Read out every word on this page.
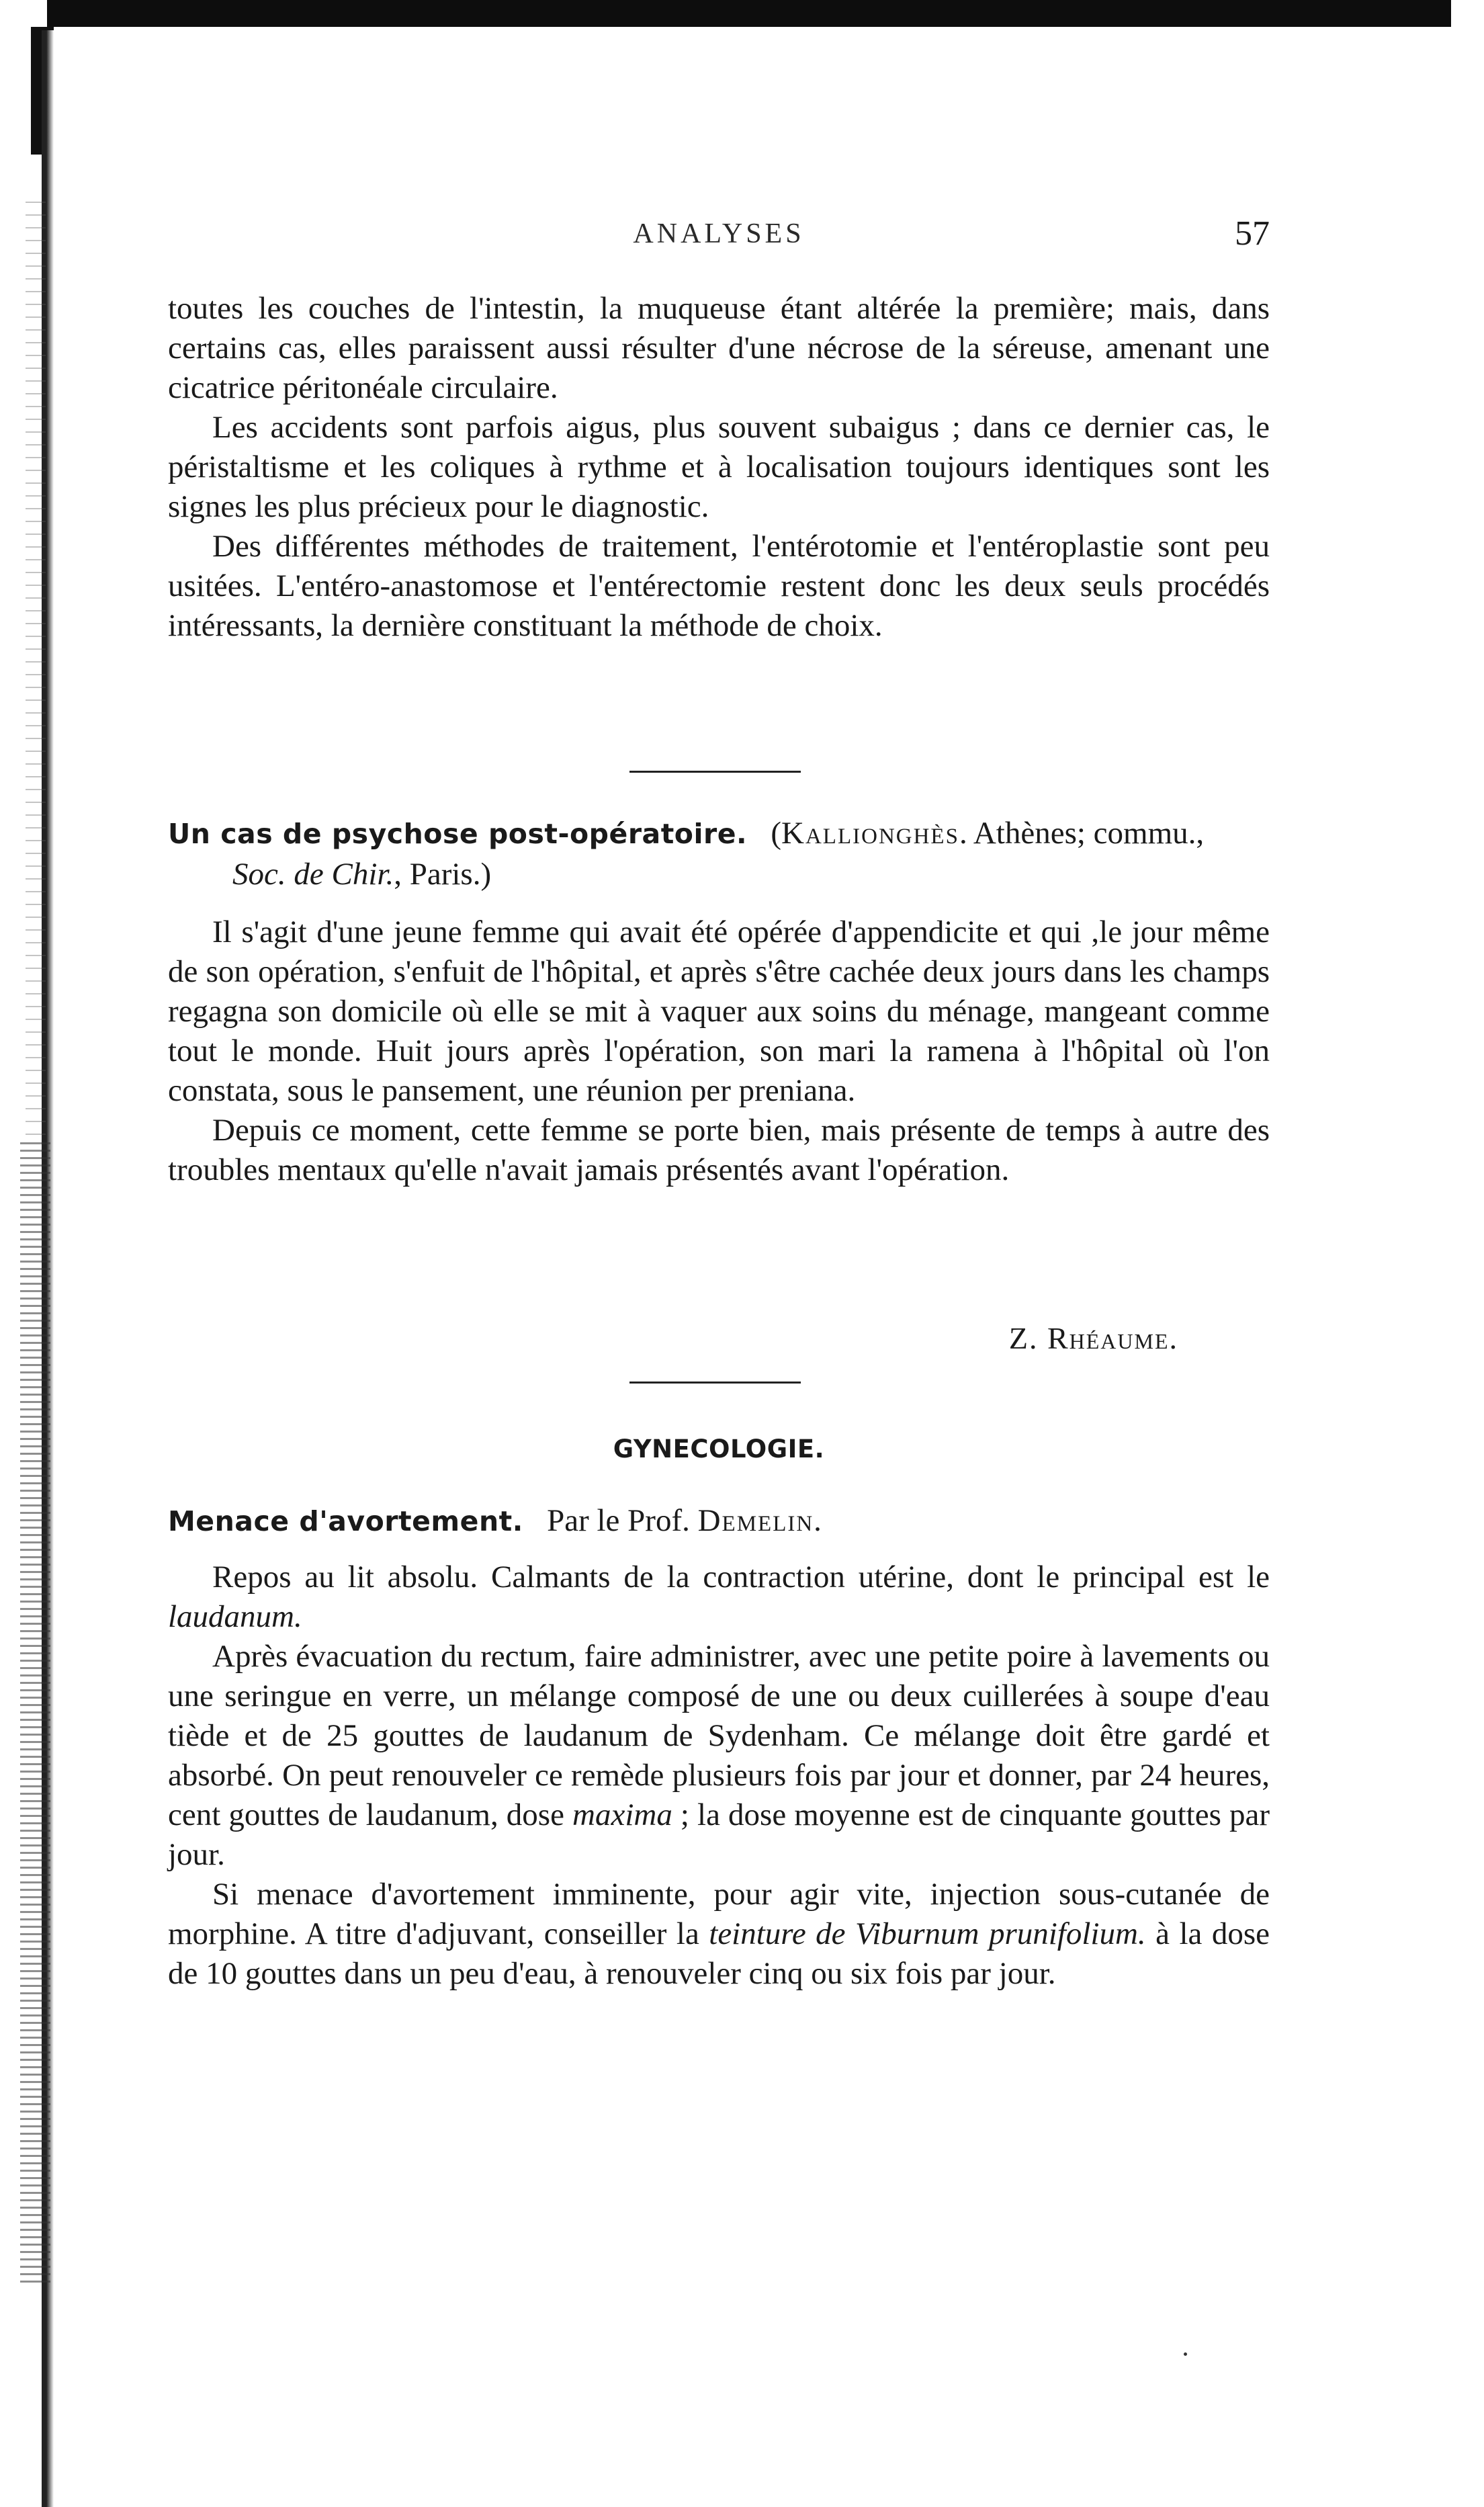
ANALYSES	57

toutes les couches de l'intestin, la muqueuse étant altérée la première; mais, dans certains cas, elles paraissent aussi résulter d'une nécrose de la séreuse, amenant une cicatrice péritonéale circulaire.

Les accidents sont parfois aigus, plus souvent subaigus ; dans ce dernier cas, le péristaltisme et les coliques à rythme et à localisation toujours identiques sont les signes les plus précieux pour le diagnostic.

Des différentes méthodes de traitement, l'entérotomie et l'entéroplastie sont peu usitées. L'entéro-anastomose et l'entérectomie restent donc les deux seuls procédés intéressants, la dernière constituant la méthode de choix.

Un cas de psychose post-opératoire. (Kallionghès. Athènes; commu.,
Soc. de Chir., Paris.)

Il s'agit d'une jeune femme qui avait été opérée d'appendicite et qui ,le jour même de son opération, s'enfuit de l'hôpital, et après s'être cachée deux jours dans les champs regagna son domicile où elle se mit à vaquer aux soins du ménage, mangeant comme tout le monde. Huit jours après l'opération, son mari la ramena à l'hôpital où l'on constata, sous le pansement, une réunion per preniana.

Depuis ce moment, cette femme se porte bien, mais présente de temps à autre des troubles mentaux qu'elle n'avait jamais présentés avant l'opération.

Z. Rhéaume.
GYNECOLOGIE.
Menace d'avortement. Par le Prof. Demelin.

Repos au lit absolu. Calmants de la contraction utérine, dont le principal est le laudanum.

Après évacuation du rectum, faire administrer, avec une petite poire à lavements ou une seringue en verre, un mélange composé de une ou deux cuillerées à soupe d'eau tiède et de 25 gouttes de laudanum de Sydenham. Ce mélange doit être gardé et absorbé. On peut renouveler ce remède plusieurs fois par jour et donner, par 24 heures, cent gouttes de laudanum, dose maxima ; la dose moyenne est de cinquante gouttes par jour.

Si menace d'avortement imminente, pour agir vite, injection sous-cutanée de morphine. A titre d'adjuvant, conseiller la teinture de Viburnum prunifolium. à la dose de 10 gouttes dans un peu d'eau, à renouveler cinq ou six fois par jour.
